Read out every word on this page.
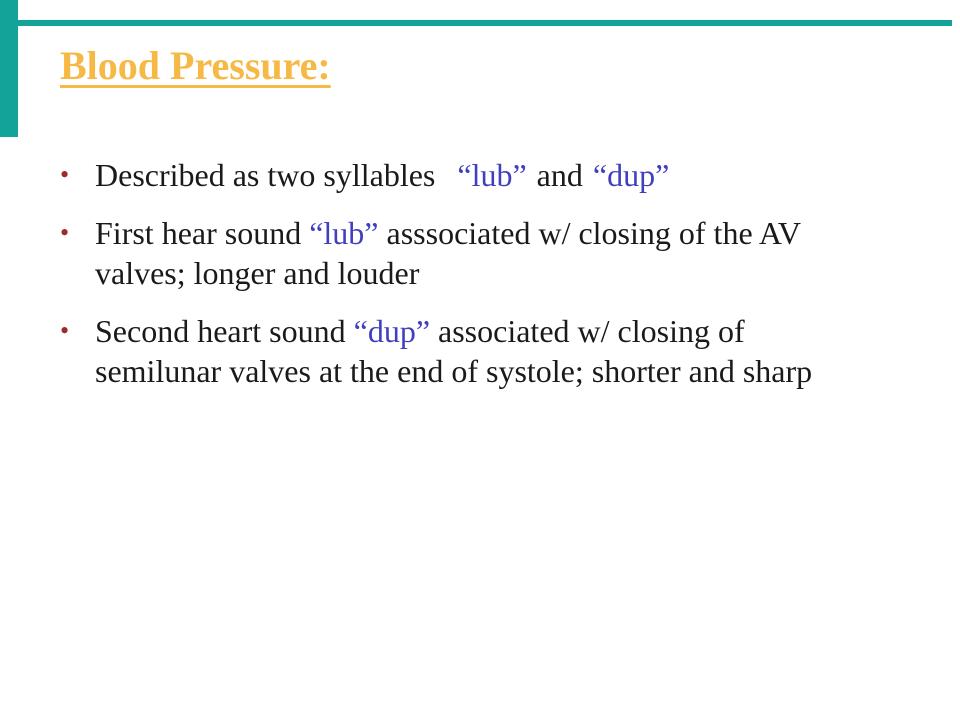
Blood Pressure:
• Described as two syllables “lub” and “dup”
• First hear sound “lub” asssociated w/ closing of the AV valves; longer and louder
• Second heart sound “dup” associated w/ closing of semilunar valves at the end of systole; shorter and sharp
